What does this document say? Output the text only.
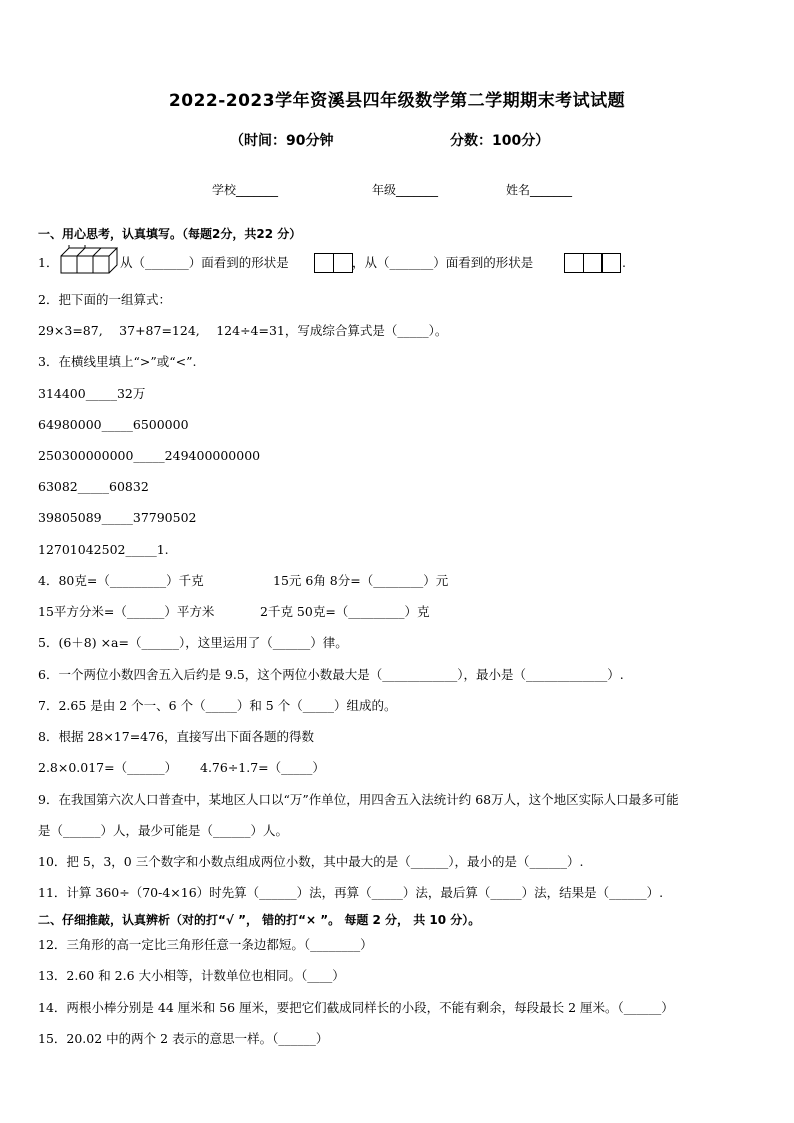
2022-2023学年资溪县四年级数学第二学期期末考试试题
（时间：90分钟	分数：100分）
学校_______	年级_______	姓名_______
一、用心思考，认真填写。（每题2分，共22 分）
1．	从（_______）面看到的形状是	，从（_______）面看到的形状是	.
2．把下面的一组算式：
29×3=87,　 37+87=124,　 124÷4=31，写成综合算式是（_____）。
3．在横线里填上“>”或“<”.
314400_____32万
64980000_____6500000
250300000000_____249400000000
63082_____60832
39805089_____37790502
12701042502_____1.
4．80克=（_________）千克	15元 6角 8分=（________）元
15平方分米=（______）平方米	2千克 50克=（_________）克
5．(6＋8) ×a=（______），这里运用了（______）律。
6．一个两位小数四舍五入后约是 9.5，这个两位小数最大是（____________），最小是（_____________）.
7．2.65 是由 2 个一、6 个（_____）和 5 个（_____）组成的。
8．根据 28×17=476，直接写出下面各题的得数
2.8×0.017=（______） 4.76÷1.7=（_____）
9．在我国第六次人口普查中，某地区人口以“万”作单位，用四舍五入法统计约 68万人，这个地区实际人口最多可能
是（______）人，最少可能是（______）人。
10．把 5，3，0 三个数字和小数点组成两位小数，其中最大的是（______），最小的是（______）.
11．计算 360÷（70-4×16）时先算（______）法，再算（_____）法，最后算（_____）法，结果是（______）.
二、仔细推敲，认真辨析（对的打“√ ”， 错的打“× ”。 每题 2 分， 共 10 分）。
12．三角形的高一定比三角形任意一条边都短。（________）
13．2.60 和 2.6 大小相等，计数单位也相同。（____）
14．两根小棒分别是 44 厘米和 56 厘米，要把它们截成同样长的小段，不能有剩余，每段最长 2 厘米。（______）
15．20.02 中的两个 2 表示的意思一样。（______）
